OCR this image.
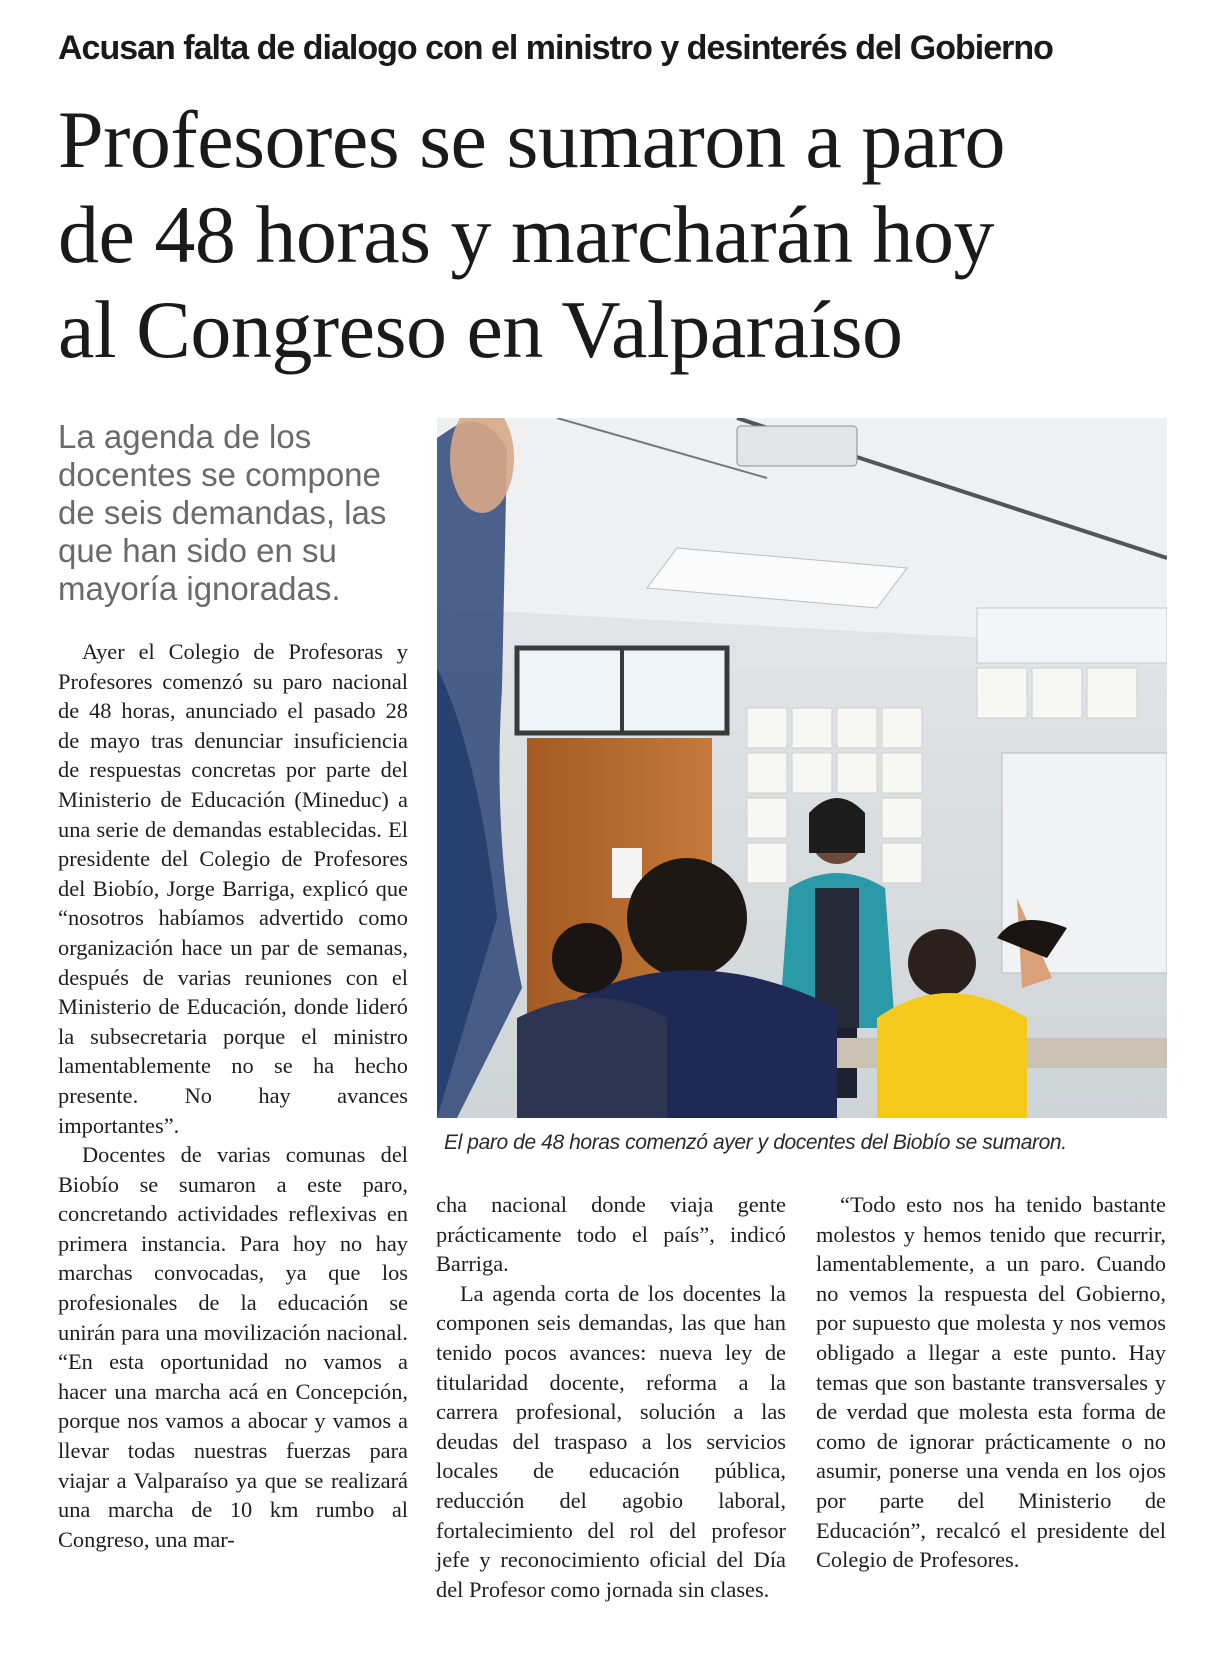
Acusan falta de dialogo con el ministro y desinterés del Gobierno
Profesores se sumaron a paro
de 48 horas y marcharán hoy
al Congreso en Valparaíso
La agenda de los docentes se compone de seis demandas, las que han sido en su mayoría ignoradas.
El paro de 48 horas comenzó ayer y docentes del Biobío se sumaron.

Ayer el Colegio de Profesoras y Profesores comenzó su paro nacional de 48 horas, anunciado el pasado 28 de mayo tras denunciar insuficiencia de respuestas concretas por parte del Ministerio de Educación (Mineduc) a una serie de demandas establecidas. El presidente del Colegio de Profesores del Biobío, Jorge Barriga, explicó que “nosotros habíamos advertido como organización hace un par de semanas, después de varias reuniones con el Ministerio de Educación, donde lideró la subsecretaria porque el ministro lamentablemente no se ha hecho presente. No hay avances importantes”.

Docentes de varias comunas del Biobío se sumaron a este paro, concretando actividades reflexivas en primera instancia. Para hoy no hay marchas convocadas, ya que los profesionales de la educación se unirán para una movilización nacional. “En esta oportunidad no vamos a hacer una marcha acá en Concepción, porque nos vamos a abocar y vamos a llevar todas nuestras fuerzas para viajar a Valparaíso ya que se realizará una marcha de 10 km rumbo al Congreso, una mar-

cha nacional donde viaja gente prácticamente todo el país”, indicó Barriga.

La agenda corta de los docentes la componen seis demandas, las que han tenido pocos avances: nueva ley de titularidad docente, reforma a la carrera profesional, solución a las deudas del traspaso a los servicios locales de educación pública, reducción del agobio laboral, fortalecimiento del rol del profesor jefe y reconocimiento oficial del Día del Profesor como jornada sin clases.

“Todo esto nos ha tenido bastante molestos y hemos tenido que recurrir, lamentablemente, a un paro. Cuando no vemos la respuesta del Gobierno, por supuesto que molesta y nos vemos obligado a llegar a este punto. Hay temas que son bastante transversales y de verdad que molesta esta forma de como de ignorar prácticamente o no asumir, ponerse una venda en los ojos por parte del Ministerio de Educación”, recalcó el presidente del Colegio de Profesores.
